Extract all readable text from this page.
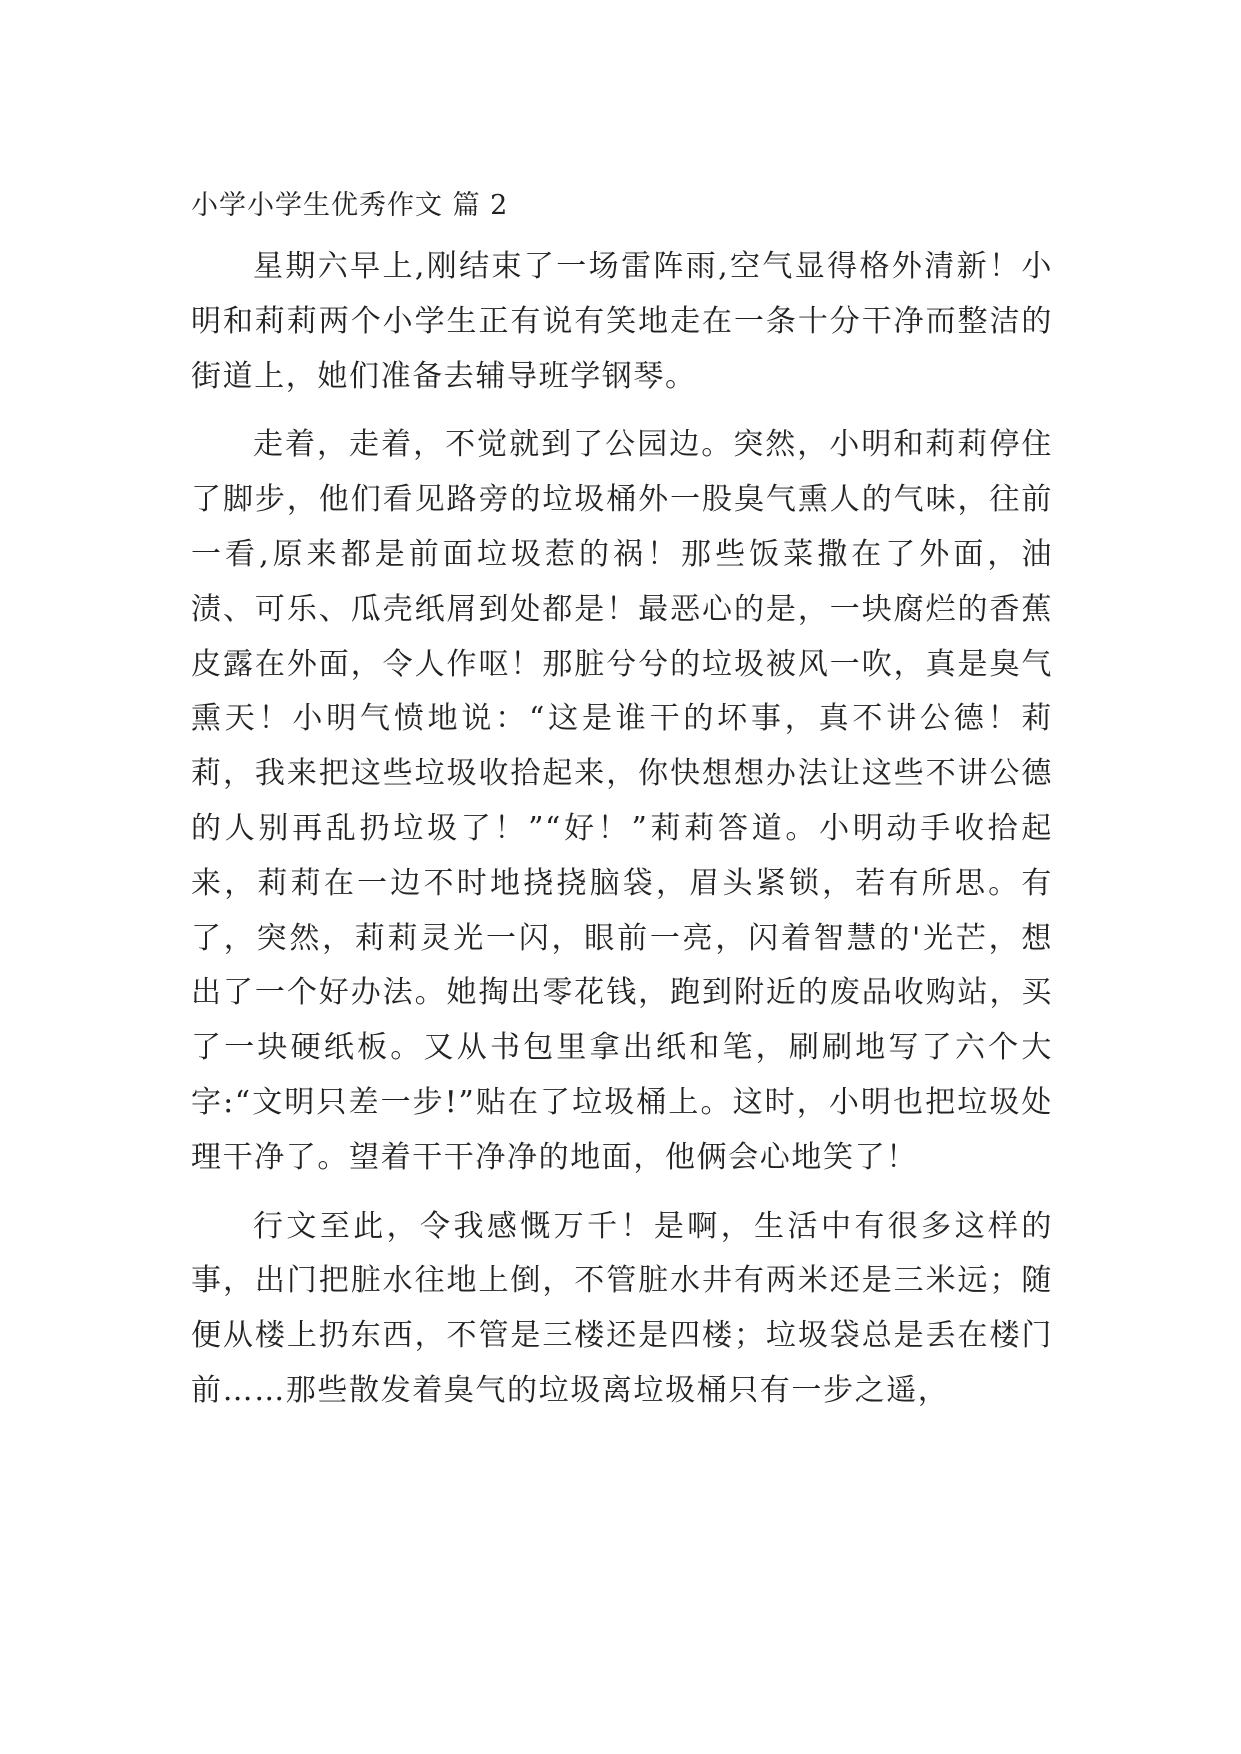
小学小学生优秀作文 篇 2

星期六早上,刚结束了一场雷阵雨,空气显得格外清新！小明和莉莉两个小学生正有说有笑地走在一条十分干净而整洁的街道上，她们准备去辅导班学钢琴。

走着，走着，不觉就到了公园边。突然，小明和莉莉停住了脚步，他们看见路旁的垃圾桶外一股臭气熏人的气味，往前一看,原来都是前面垃圾惹的祸！那些饭菜撒在了外面，油渍、可乐、瓜壳纸屑到处都是！最恶心的是，一块腐烂的香蕉皮露在外面，令人作呕！那脏兮兮的垃圾被风一吹，真是臭气熏天！小明气愤地说：“这是谁干的坏事，真不讲公德！莉莉，我来把这些垃圾收拾起来，你快想想办法让这些不讲公德的人别再乱扔垃圾了！”“好！”莉莉答道。小明动手收拾起来，莉莉在一边不时地挠挠脑袋，眉头紧锁，若有所思。有了，突然，莉莉灵光一闪，眼前一亮，闪着智慧的'光芒，想出了一个好办法。她掏出零花钱，跑到附近的废品收购站，买了一块硬纸板。又从书包里拿出纸和笔，刷刷地写了六个大字:“文明只差一步!”贴在了垃圾桶上。这时，小明也把垃圾处理干净了。望着干干净净的地面，他俩会心地笑了！

行文至此，令我感慨万千！是啊，生活中有很多这样的事，出门把脏水往地上倒，不管脏水井有两米还是三米远；随便从楼上扔东西，不管是三楼还是四楼；垃圾袋总是丢在楼门前……那些散发着臭气的垃圾离垃圾桶只有一步之遥，
